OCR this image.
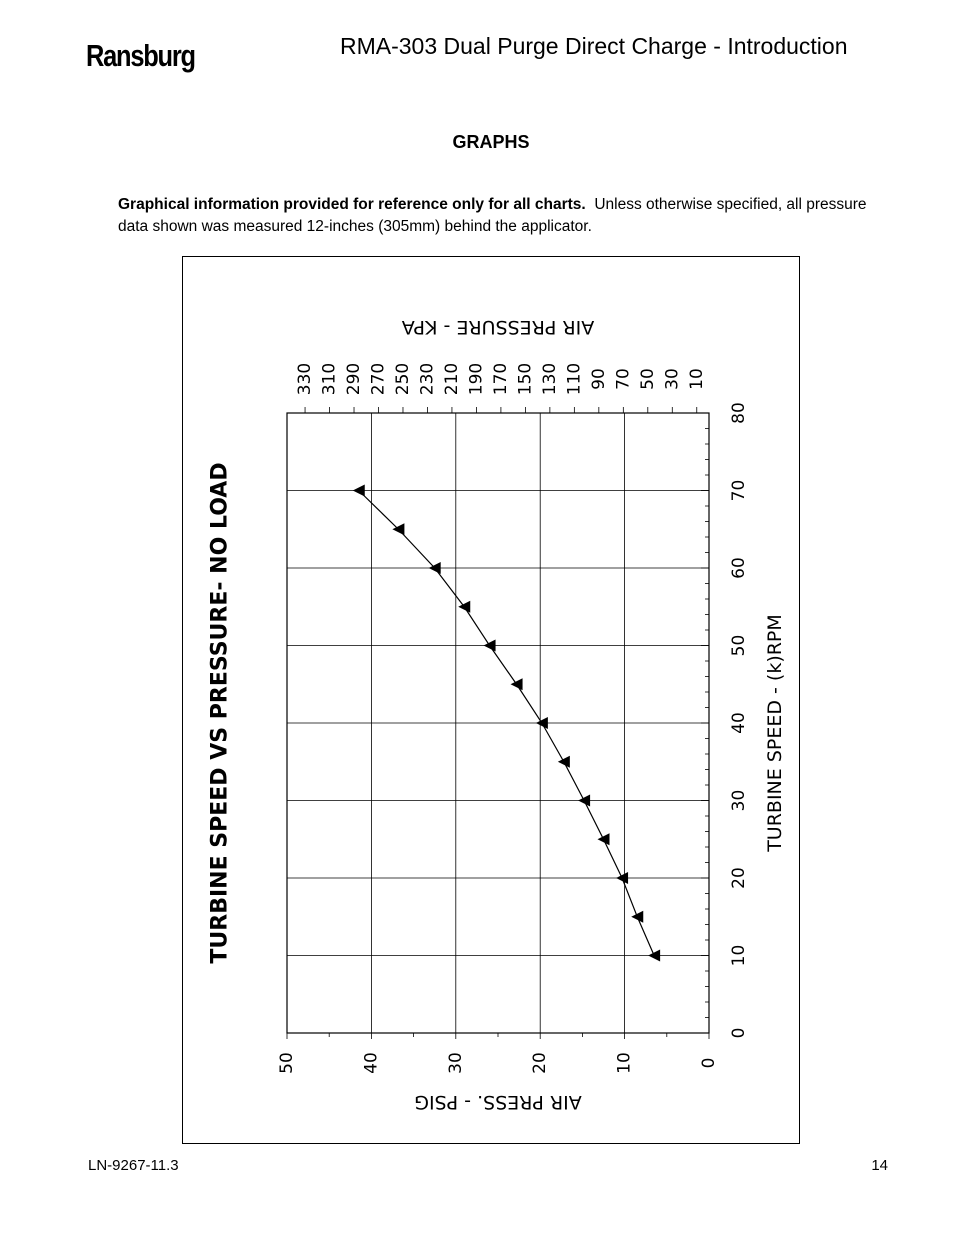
Ransburg	RMA-303 Dual Purge Direct Charge - Introduction
GRAPHS
Graphical information provided for reference only for all charts. Unless otherwise specified, all pressure data shown was measured 12-inches (305mm) behind the applicator.
0
10
20
30
40
50
60
70
80
0
10
20
30
40
50
10
30
50
70
90
110
130
150
170
190
210
230
250
270
290
310
330
TURBINE SPEED - (k)RPM
AIR PRESS. - PSIG
AIR PRESSURE - KPA
TURBINE SPEED VS PRESSURE- NO LOAD
LN-9267-11.3	14
